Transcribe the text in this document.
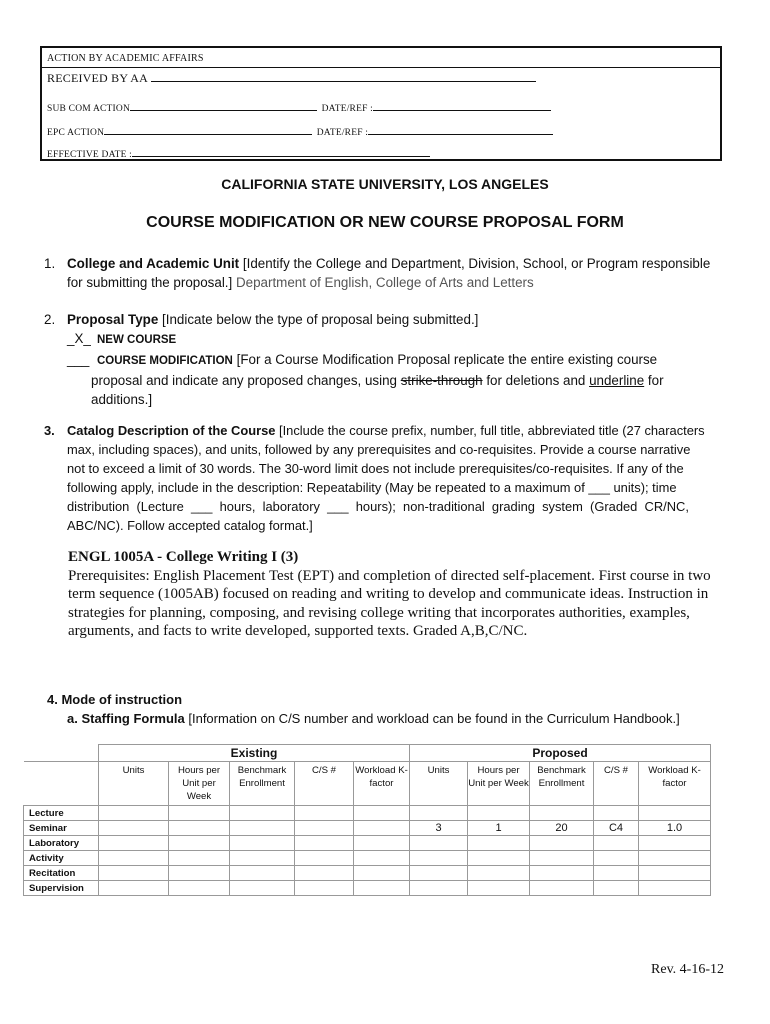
ACTION BY ACADEMIC AFFAIRS
RECEIVED BY AA
SUB COM ACTION	DATE/REF :
EPC ACTION	DATE/REF :
EFFECTIVE DATE :
CALIFORNIA STATE UNIVERSITY, LOS ANGELES
COURSE MODIFICATION OR NEW COURSE PROPOSAL FORM
1. College and Academic Unit [Identify the College and Department, Division, School, or Program responsible
for submitting the proposal.] Department of English, College of Arts and Letters
2. Proposal Type [Indicate below the type of proposal being submitted.]
_X_ NEW COURSE
___ COURSE MODIFICATION [For a Course Modification Proposal replicate the entire existing course
proposal and indicate any proposed changes, using strike-through for deletions and underline for
additions.]
3. Catalog Description of the Course [Include the course prefix, number, full title, abbreviated title (27 characters
max, including spaces), and units, followed by any prerequisites and co-requisites. Provide a course narrative
not to exceed a limit of 30 words. The 30-word limit does not include prerequisites/co-requisites. If any of the
following apply, include in the description: Repeatability (May be repeated to a maximum of ___ units); time
distribution  (Lecture  ___  hours,  laboratory  ___  hours);  non-traditional  grading  system  (Graded  CR/NC,
ABC/NC). Follow accepted catalog format.]
ENGL 1005A - College Writing I (3)
Prerequisites: English Placement Test (EPT) and completion of directed self-placement. First course in two
term sequence (1005AB) focused on reading and writing to develop and communicate ideas. Instruction in
strategies for planning, composing, and revising college writing that incorporates authorities, examples,
arguments, and facts to write developed, supported texts. Graded A,B,C/NC.
4. Mode of instruction
a. Staffing Formula [Information on C/S number and workload can be found in the Curriculum Handbook.]
	Existing					Proposed				
	Units	Hours per Unit per Week	Benchmark Enrollment	C/S #	Workload K-factor	Units	Hours per Unit per Week	Benchmark Enrollment	C/S #	Workload K-factor
Lecture										
Seminar						3	1	20	C4	1.0
Laboratory										
Activity										
Recitation										
Supervision										
Rev. 4-16-12
